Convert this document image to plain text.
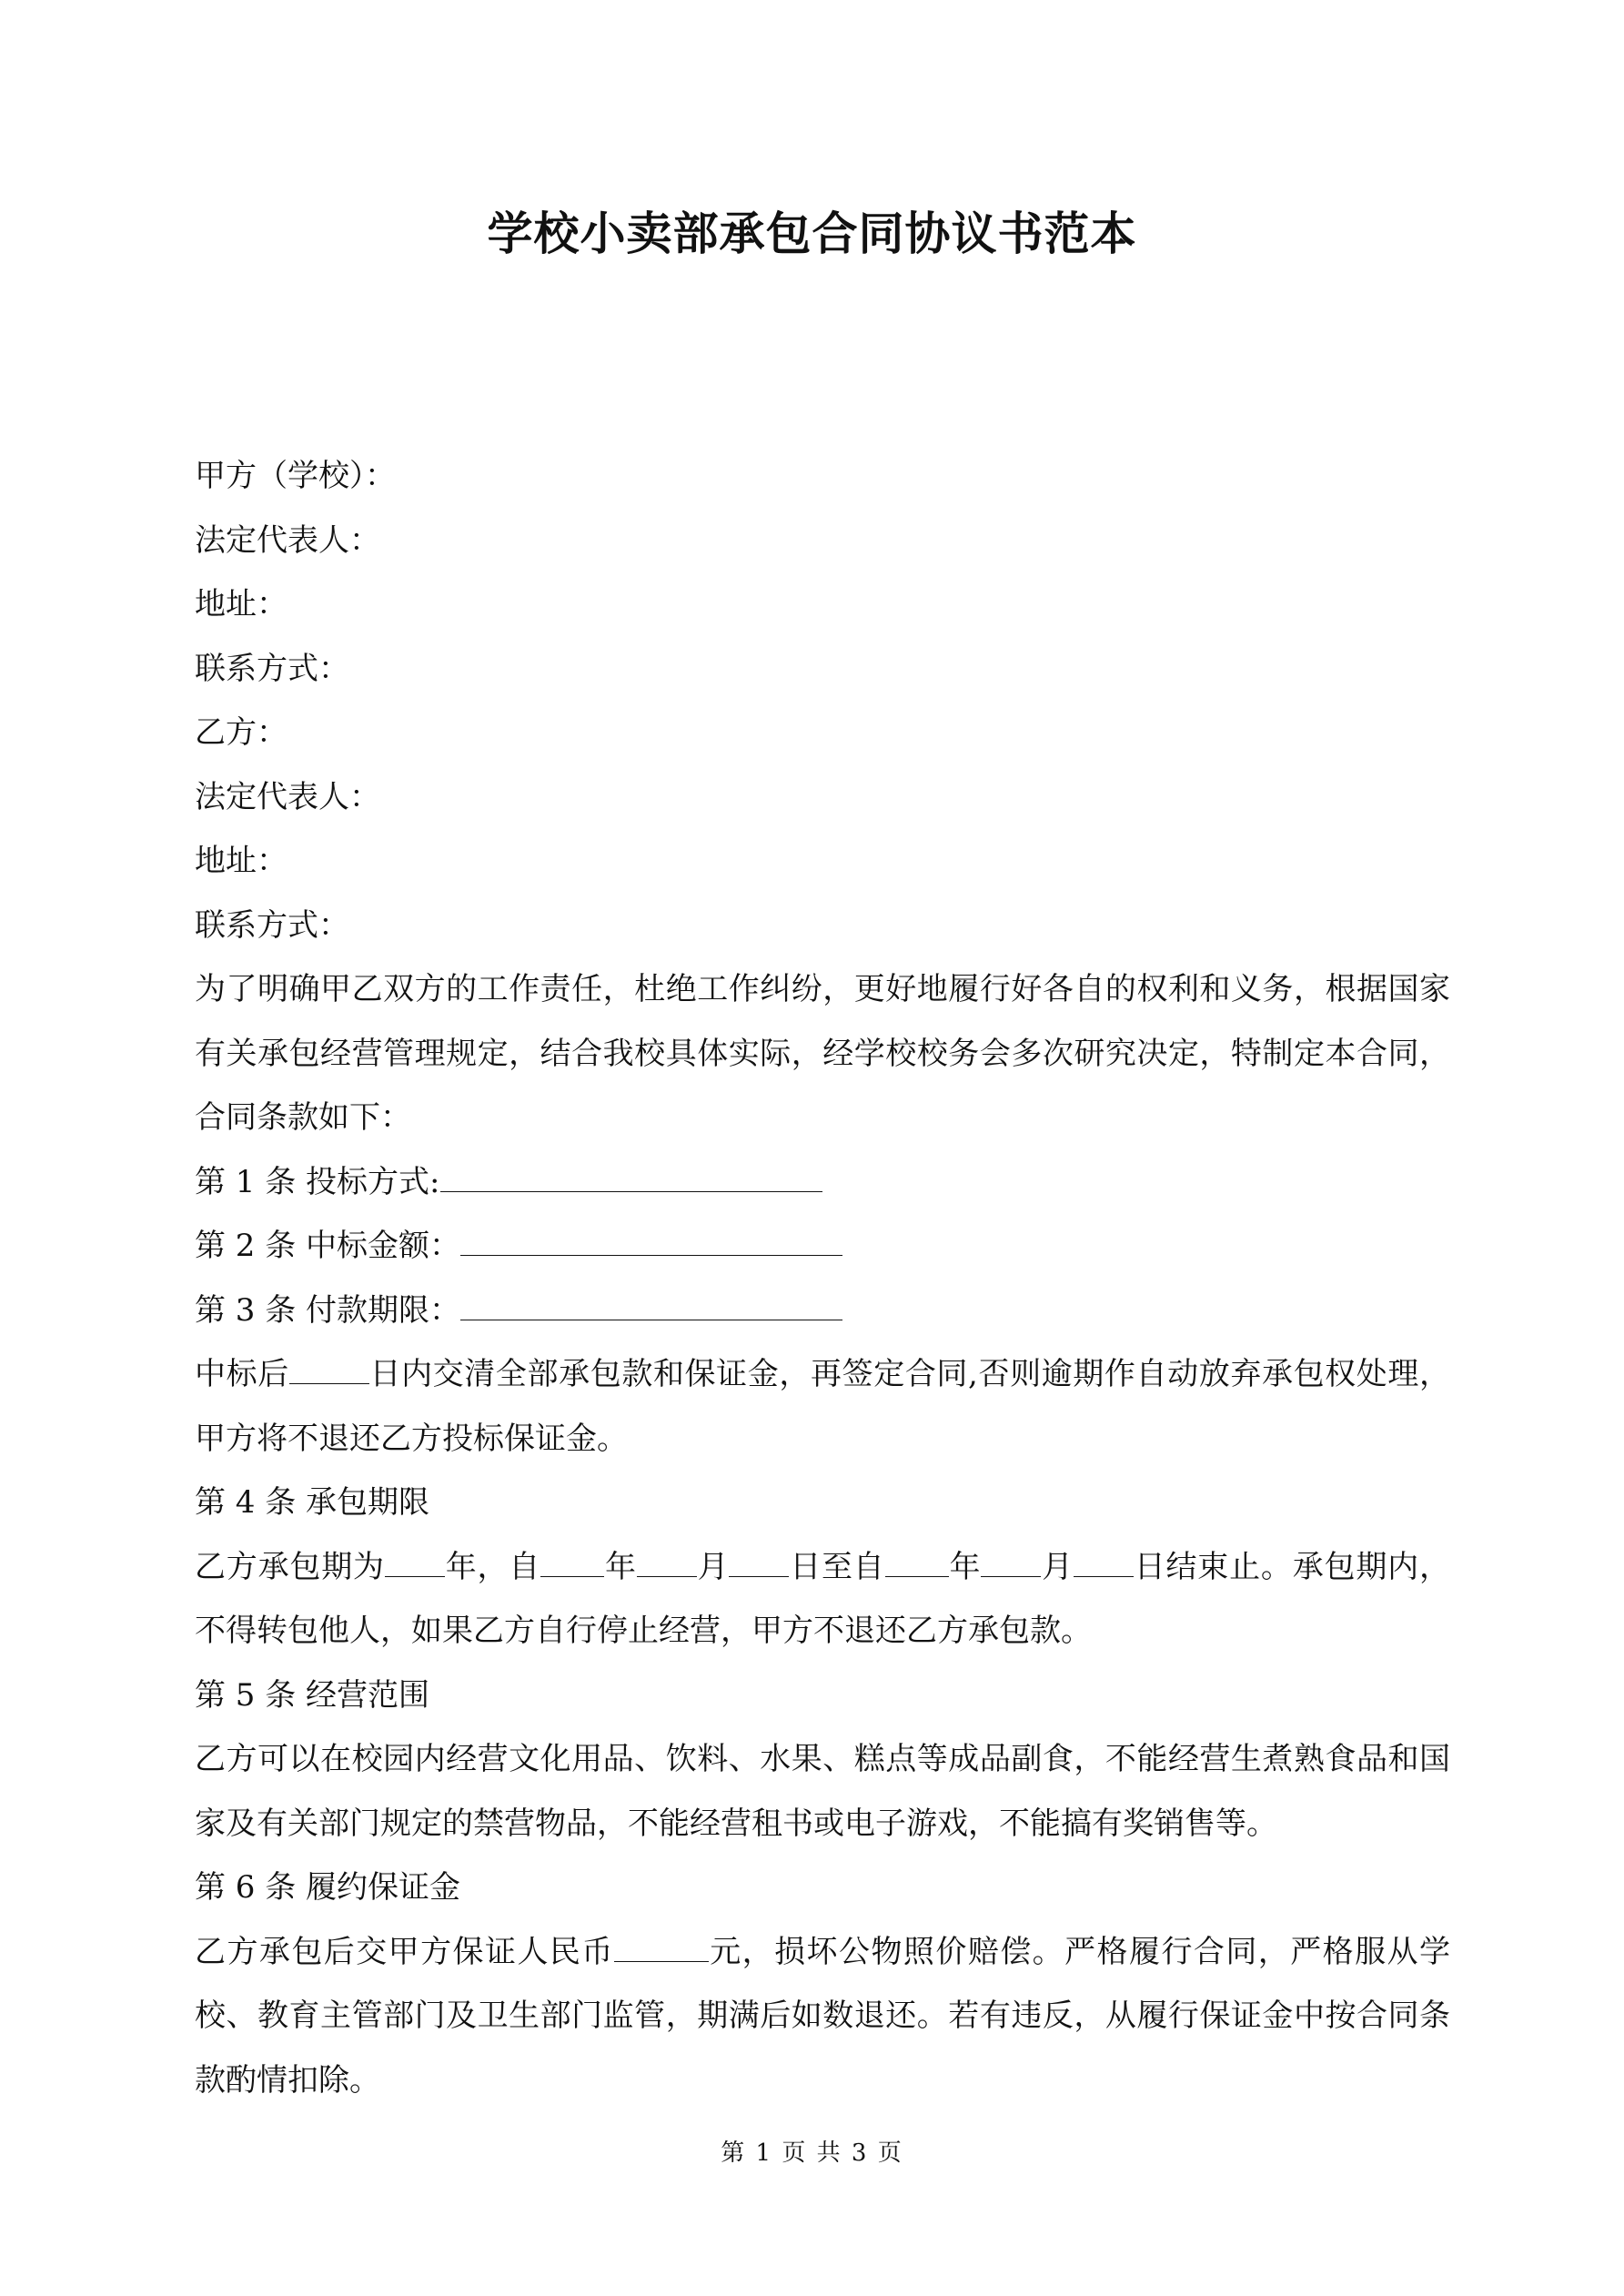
学校小卖部承包合同协议书范本
甲方（学校）：
法定代表人：
地址：
联系方式：
乙方：
法定代表人：
地址：
联系方式：
为了明确甲乙双方的工作责任，杜绝工作纠纷，更好地履行好各自的权利和义务，根据国家有关承包经营管理规定，结合我校具体实际，经学校校务会多次研究决定，特制定本合同，合同条款如下：
第 1 条 投标方式:
第 2 条 中标金额：
第 3 条 付款期限：
中标后	日内交清全部承包款和保证金，再签定合同,否则逾期作自动放弃承包权处理，甲方将不退还乙方投标保证金。
第 4 条 承包期限
乙方承包期为 年，自 年 月 日至自 年 月 日结束止。承包期内，不得转包他人，如果乙方自行停止经营，甲方不退还乙方承包款。
第 5 条 经营范围
乙方可以在校园内经营文化用品、饮料、水果、糕点等成品副食，不能经营生煮熟食品和国家及有关部门规定的禁营物品，不能经营租书或电子游戏，不能搞有奖销售等。
第 6 条 履约保证金
乙方承包后交甲方保证人民币	元，损坏公物照价赔偿。严格履行合同，严格服从学校、教育主管部门及卫生部门监管，期满后如数退还。若有违反，从履行保证金中按合同条款酌情扣除。
第 1 页 共 3 页
